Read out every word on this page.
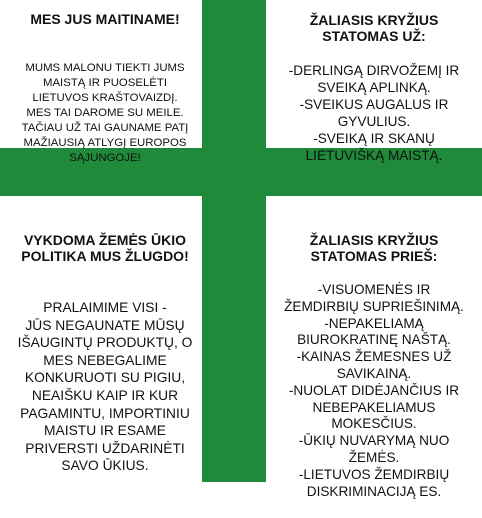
MES JUS MAITINAME!

MUMS MALONU TIEKTI JUMS
MAISTĄ IR PUOSELĖTI
LIETUVOS KRAŠTOVAIZDĮ.
MES TAI DAROME SU MEILE.
TAČIAU UŽ TAI GAUNAME PATĮ
MAŽIAUSIĄ ATLYGĮ EUROPOS
SĄJUNGOJE!

ŽALIASIS KRYŽIUS
STATOMAS UŽ:

-DERLINGĄ DIRVOŽEMĮ IR
SVEIKĄ APLINKĄ.
-SVEIKUS AUGALUS IR
GYVULIUS.
-SVEIKĄ IR SKANŲ
LIETUVIŠKĄ MAISTĄ.

VYKDOMA ŽEMĖS ŪKIO
POLITIKA MUS ŽLUGDO!

PRALAIMIME VISI -
JŪS NEGAUNATE MŪSŲ
IŠAUGINTŲ PRODUKTŲ, O
MES NEBEGALIME
KONKURUOTI SU PIGIU,
NEAIŠKU KAIP IR KUR
PAGAMINTU, IMPORTINIU
MAISTU IR ESAME
PRIVERSTI UŽDARINĖTI
SAVO ŪKIUS.

ŽALIASIS KRYŽIUS
STATOMAS PRIEŠ:

-VISUOMENĖS IR
ŽEMDIRBIŲ SUPRIEŠINIMĄ.
-NEPAKELIAMĄ
BIUROKRATINĘ NAŠTĄ.
-KAINAS ŽEMESNES UŽ
SAVIKAINĄ.
-NUOLAT DIDĖJANČIUS IR
NEBEPAKELIAMUS
MOKESČIUS.
-ŪKIŲ NUVARYMĄ NUO
ŽEMĖS.
-LIETUVOS ŽEMDIRBIŲ
DISKRIMINACIJĄ ES.
